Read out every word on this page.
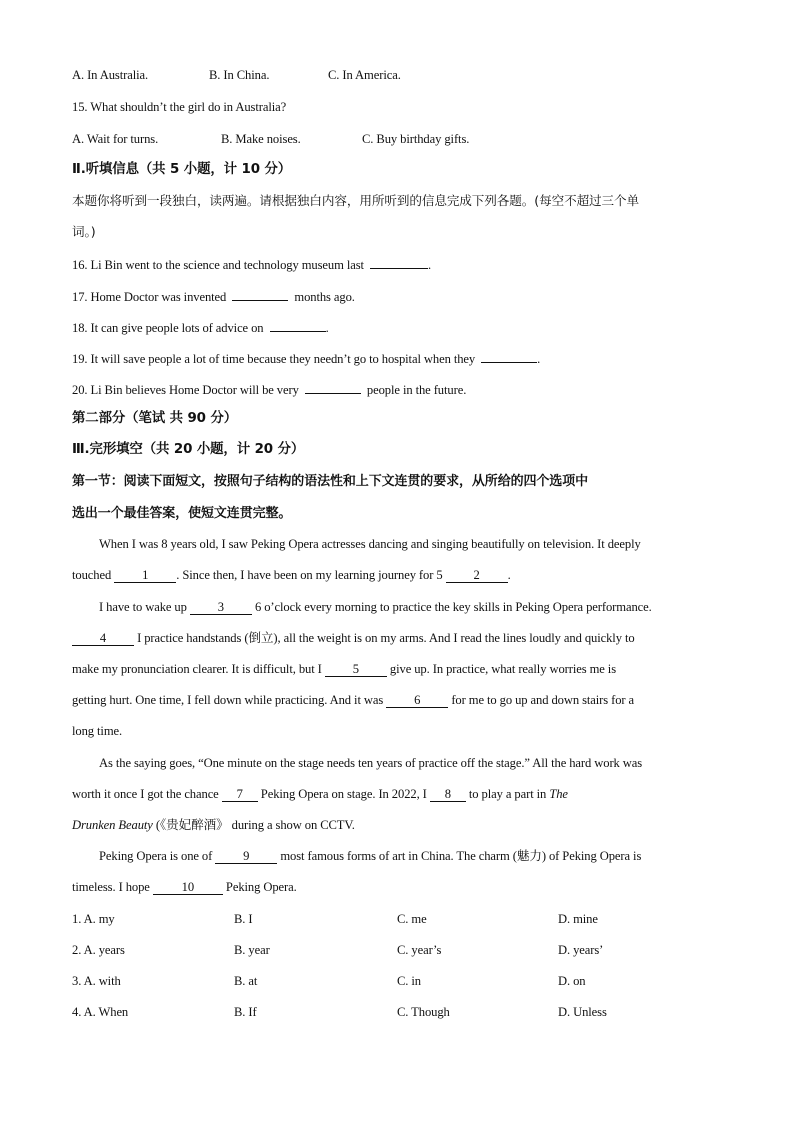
A. In Australia.	B. In China.	C. In America.
15. What shouldn’t the girl do in Australia?
A. Wait for turns.	B. Make noises.	C. Buy birthday gifts.
Ⅱ.听填信息（共 5 小题，计 10 分）
本题你将听到一段独白，读两遍。请根据独白内容，用所听到的信息完成下列各题。(每空不超过三个单
词。)
16. Li Bin went to the science and technology museum last	.
17. Home Doctor was invented	months ago.
18. It can give people lots of advice on	.
19. It will save people a lot of time because they needn’t go to hospital when they	.
20. Li Bin believes Home Doctor will be very	people in the future.
第二部分（笔试 共 90 分）
Ⅲ.完形填空（共 20 小题，计 20 分）
第一节：阅读下面短文，按照句子结构的语法性和上下文连贯的要求，从所给的四个选项中
选出一个最佳答案，使短文连贯完整。
When I was 8 years old, I saw Peking Opera actresses dancing and singing beautifully on television. It deeply
touched 1 . Since then, I have been on my learning journey for 5 2 .
I have to wake up 3 6 o’clock every morning to practice the key skills in Peking Opera performance.
4 I practice handstands (倒立), all the weight is on my arms. And I read the lines loudly and quickly to
make my pronunciation clearer. It is difficult, but I 5 give up. In practice, what really worries me is
getting hurt. One time, I fell down while practicing. And it was 6 for me to go up and down stairs for a
long time.
As the saying goes, “One minute on the stage needs ten years of practice off the stage.” All the hard work was
worth it once I got the chance 7 Peking Opera on stage. In 2022, I 8 to play a part in The
Drunken Beauty (《贵妃醉酒》 during a show on CCTV.
Peking Opera is one of 9 most famous forms of art in China. The charm (魅力) of Peking Opera is
timeless. I hope	10	Peking Opera.
1. A. my	B. I	C. me	D. mine
2. A. years	B. year	C. year’s	D. years’
3. A. with	B. at	C. in	D. on
4. A. When	B. If	C. Though	D. Unless
